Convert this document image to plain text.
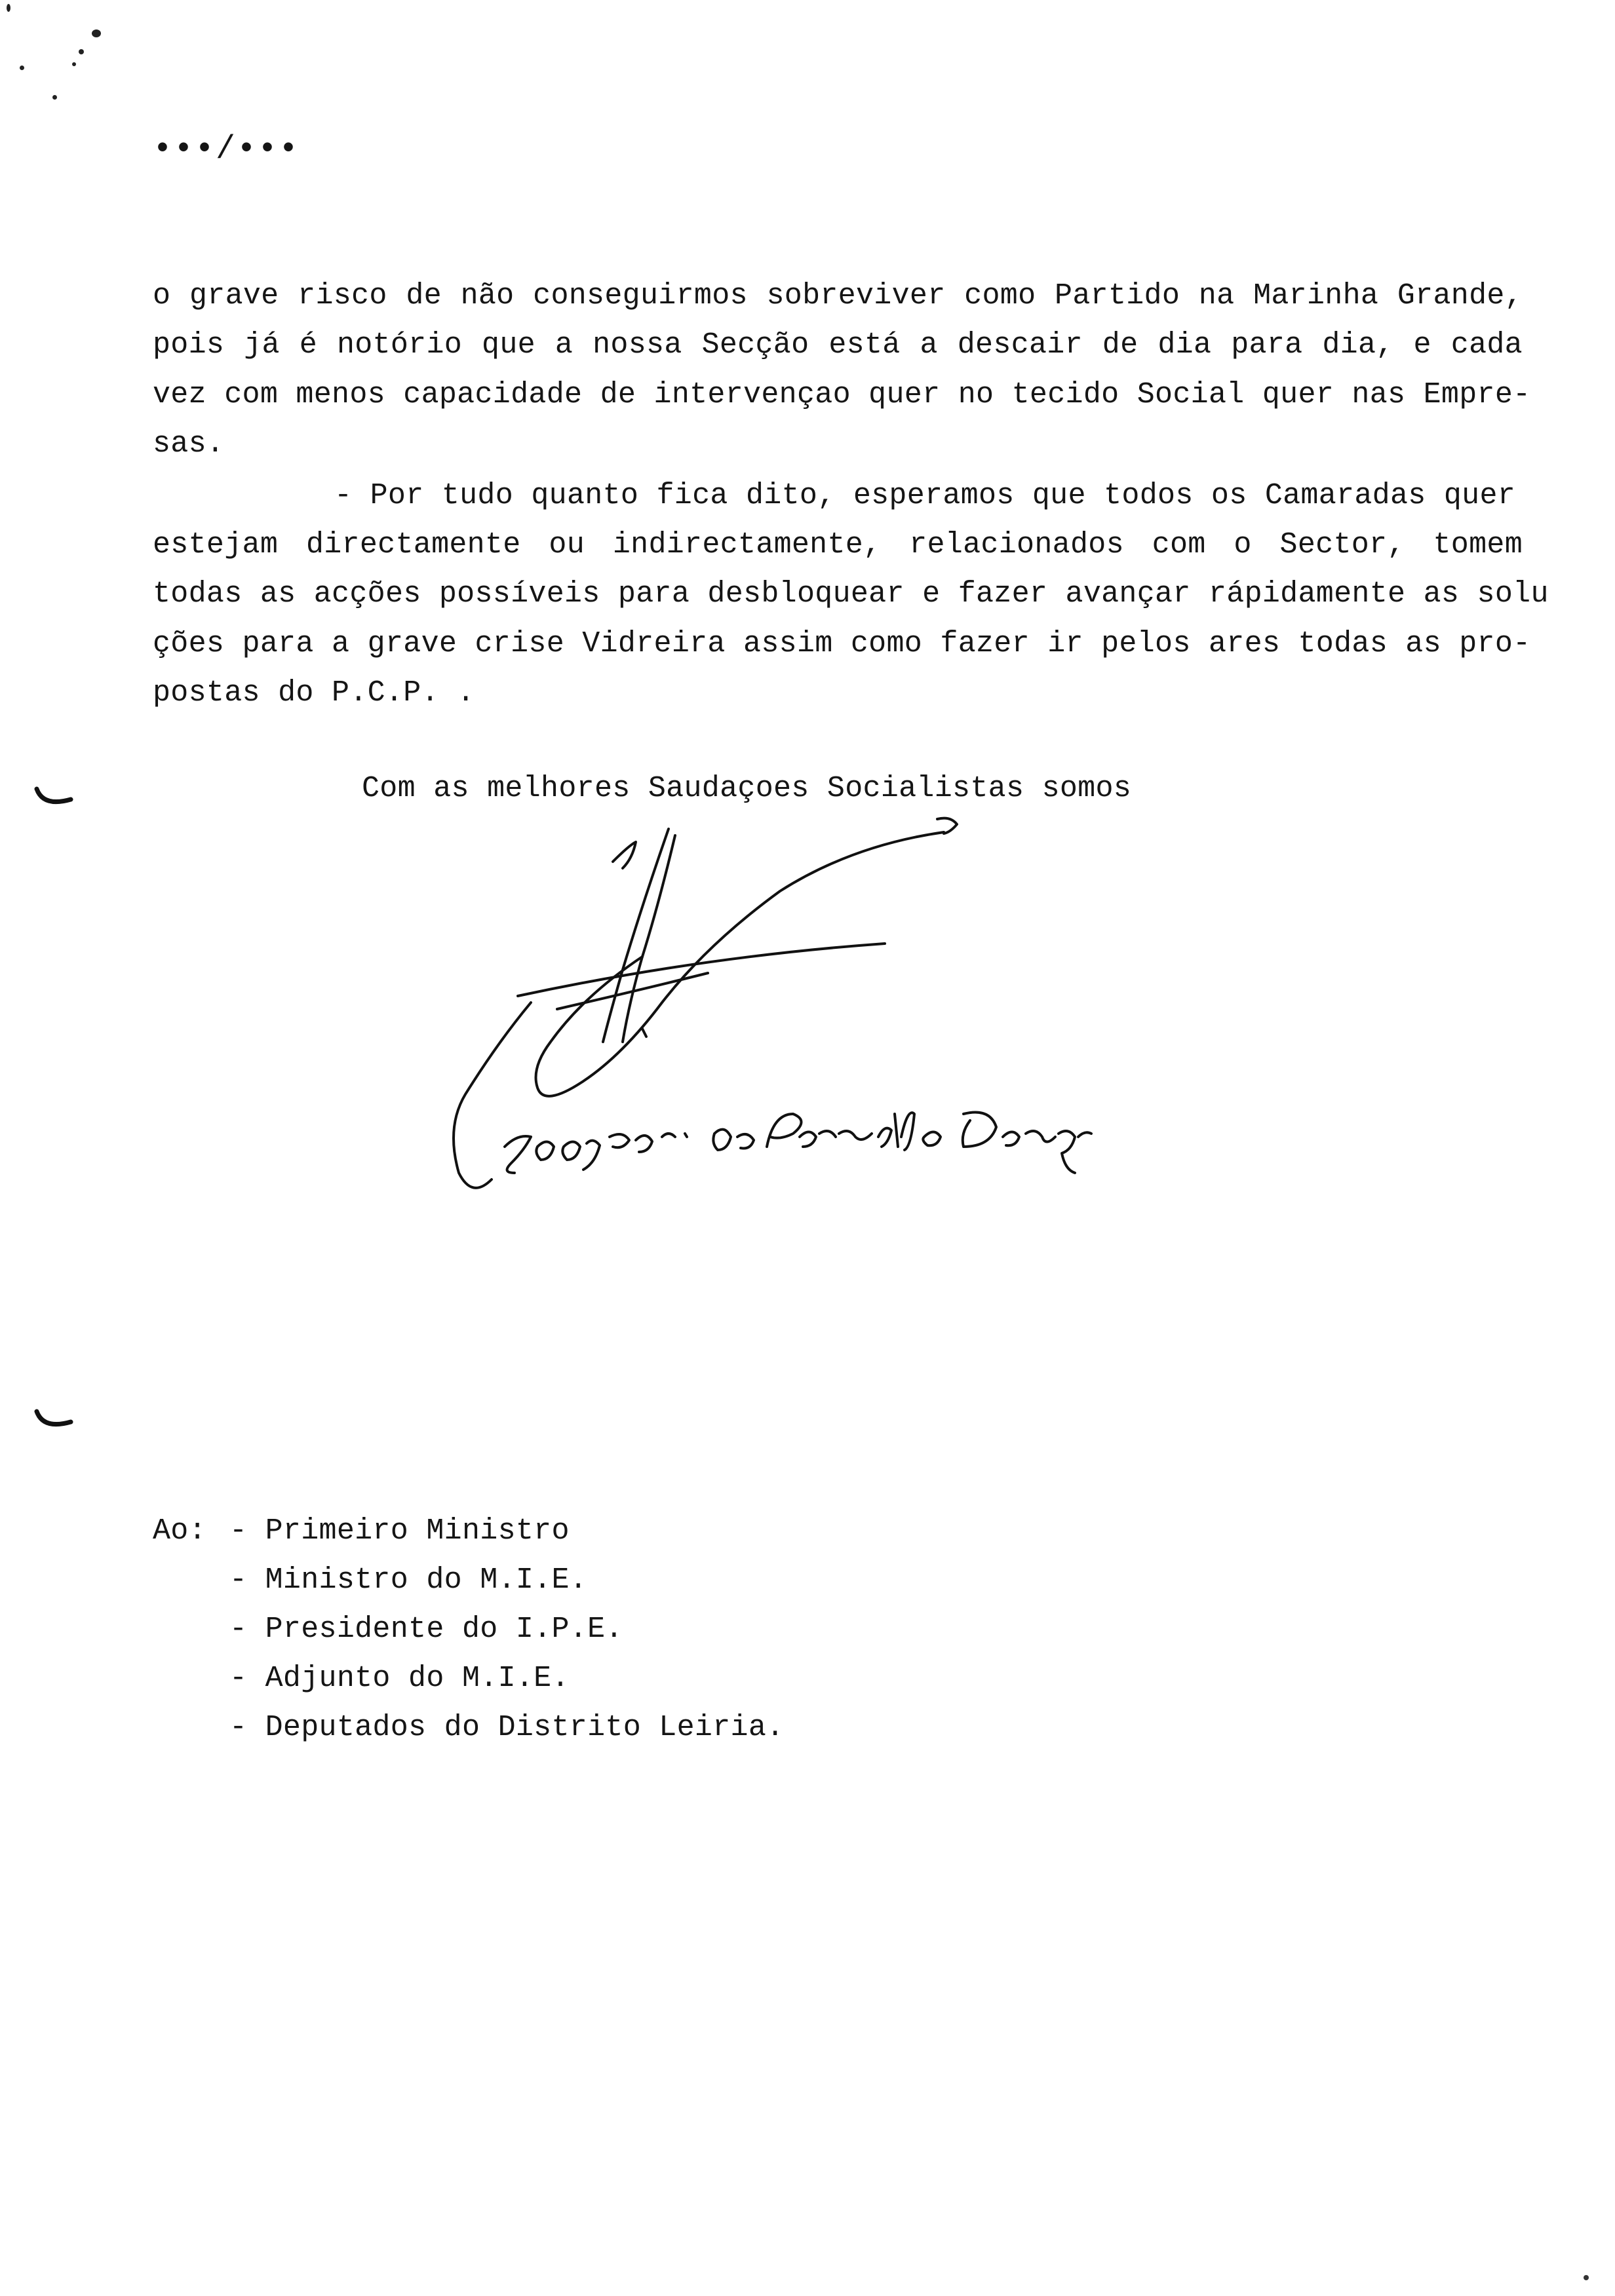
•••/•••
o grave risco de não conseguirmos sobreviver como Partido na Marinha Grande,
pois já é notório que a nossa Secção está a descair de dia para dia, e cada
vez com menos capacidade de intervençao quer no tecido Social quer nas Empre-
sas.
- Por tudo quanto fica dito, esperamos que todos os Camaradas quer
estejam directamente ou indirectamente, relacionados com o Sector, tomem
todas as acções possíveis para desbloquear e fazer avançar rápidamente as solu
ções para a grave crise Vidreira assim como fazer ir pelos ares todas as pro-
postas do P.C.P. .
Com as melhores Saudaçoes Socialistas somos
Ao: - Primeiro Ministro
- Ministro do M.I.E.
- Presidente do I.P.E.
- Adjunto do M.I.E.
- Deputados do Distrito Leiria.
